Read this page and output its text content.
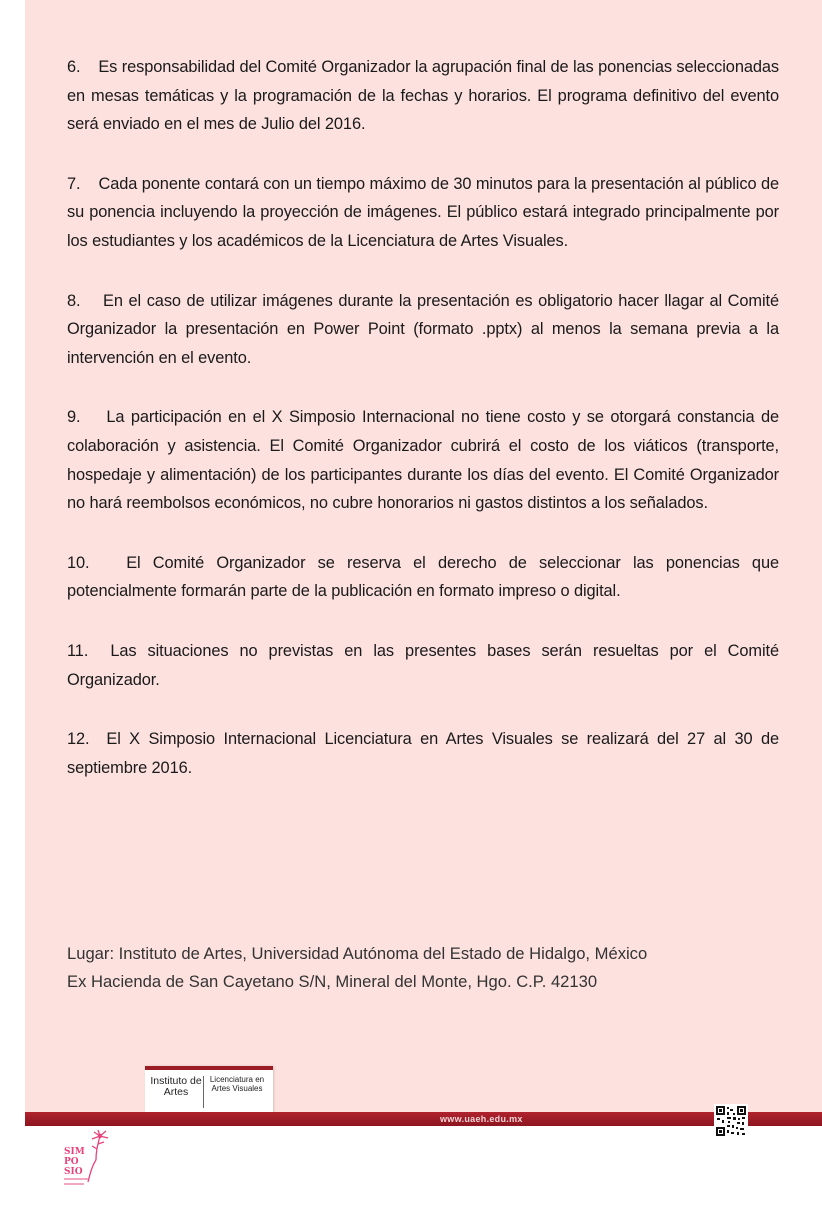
6. Es responsabilidad del Comité Organizador la agrupación final de las ponencias seleccionadas en mesas temáticas y la programación de la fechas y horarios. El programa definitivo del evento será enviado en el mes de Julio del 2016.

7. Cada ponente contará con un tiempo máximo de 30 minutos para la presentación al público de su ponencia incluyendo la proyección de imágenes. El público estará integrado principalmente por los estudiantes y los académicos de la Licenciatura de Artes Visuales.

8. En el caso de utilizar imágenes durante la presentación es obligatorio hacer llagar al Comité Organizador la presentación en Power Point (formato .pptx) al menos la semana previa a la intervención en el evento.

9. La participación en el X Simposio Internacional no tiene costo y se otorgará constancia de colaboración y asistencia. El Comité Organizador cubrirá el costo de los viáticos (transporte, hospedaje y alimentación) de los participantes durante los días del evento. El Comité Organizador no hará reembolsos económicos, no cubre honorarios ni gastos distintos a los señalados.

10. El Comité Organizador se reserva el derecho de seleccionar las ponencias que potencialmente formarán parte de la publicación en formato impreso o digital.

11. Las situaciones no previstas en las presentes bases serán resueltas por el Comité Organizador.

12. El X Simposio Internacional Licenciatura en Artes Visuales se realizará del 27 al 30 de septiembre 2016.

Lugar: Instituto de Artes, Universidad Autónoma del Estado de Hidalgo, México
Ex Hacienda de San Cayetano S/N, Mineral del Monte, Hgo. C.P. 42130
Instituto de Artes
Licenciatura en Artes Visuales
www.uaeh.edu.mx
SIM
PO
SIO
